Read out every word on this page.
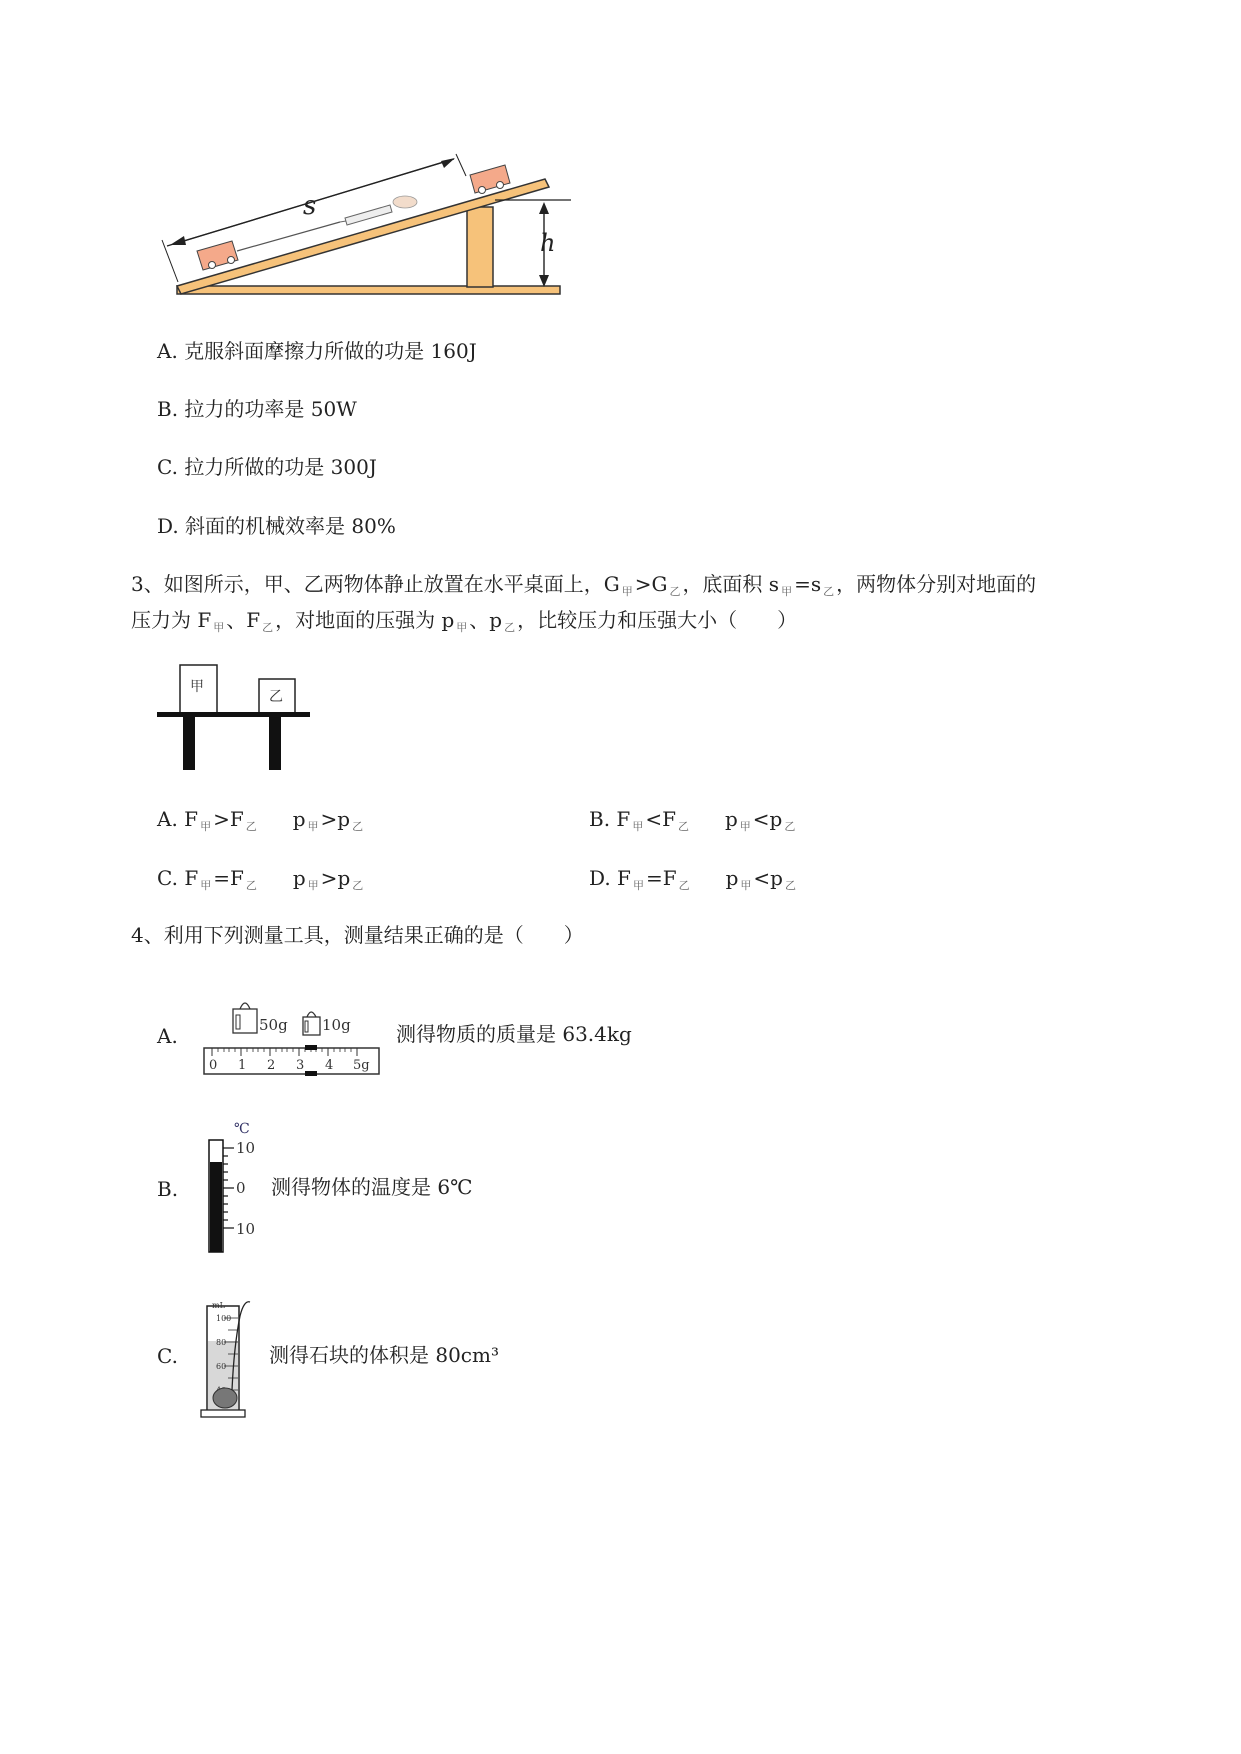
h
s
A. 克服斜面摩擦力所做的功是 160J
B. 拉力的功率是 50W
C. 拉力所做的功是 300J
D. 斜面的机械效率是 80%
3、如图所示，甲、乙两物体静止放置在水平桌面上，G $_甲$ >G $_乙$ ，底面积 s $_甲$ =s $_乙$ ，两物体分别对地面的
压力为 F $_甲$ 、F $_乙$ ，对地面的压强为 p $_甲$ 、p $_乙$ ，比较压力和压强大小（　　）
甲
乙
A. F $_甲$ >F $_乙$ p $_甲$ >p $_乙$	B. F $_甲$ <F $_乙$ p $_甲$ <p $_乙$
C. F $_甲$ =F $_乙$ p $_甲$ >p $_乙$	D. F $_甲$ =F $_乙$ p $_甲$ <p $_乙$
4、利用下列测量工具，测量结果正确的是（　　）
A.	50g 10g
0 1 2 3 4 5g
测得物质的质量是 63.4kg
B.
℃
10
0
10
测得物体的温度是 6℃
C.
mL
100
80
60 测得石块的体积是 80cm³
